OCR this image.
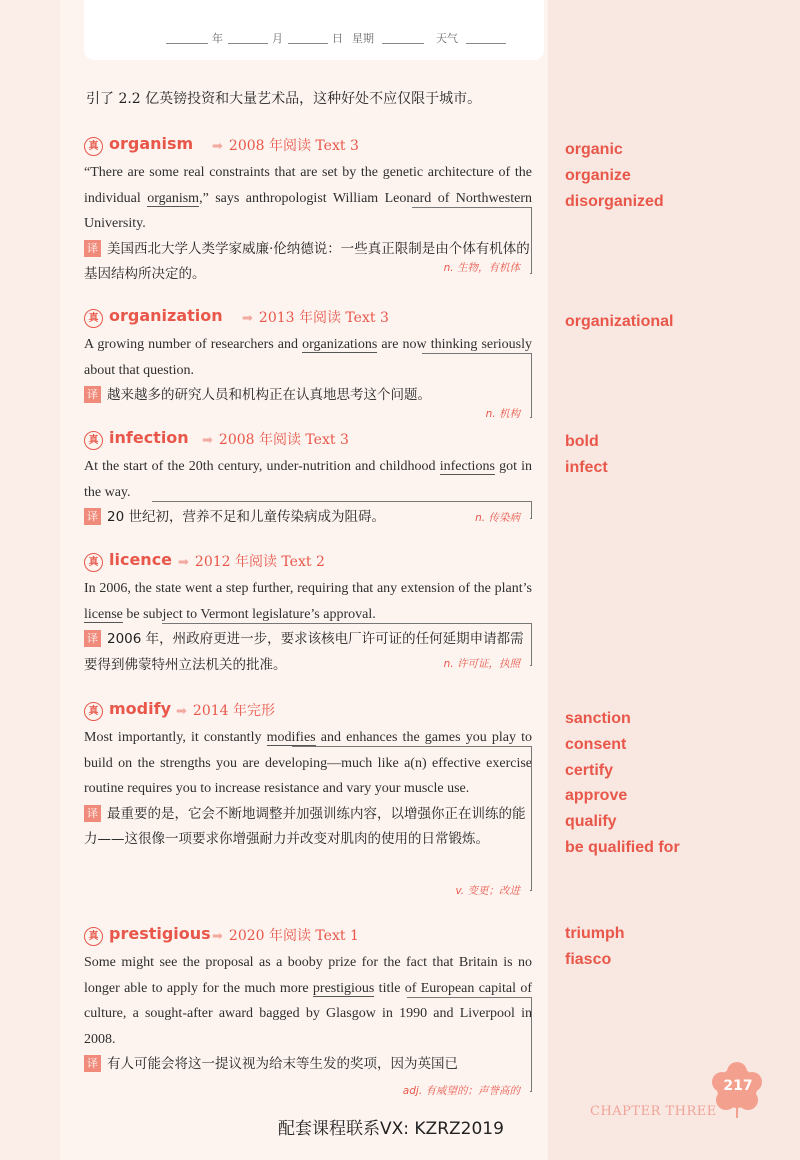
年	月	日 星期	天气
引了 2.2 亿英镑投资和大量艺术品，这种好处不应仅限于城市。
真 organism	➡ 2008 年阅读 Text 3

“There are some real constraints that are set by the genetic architecture of the individual organism,” says anthropologist William Leonard of Northwestern University.

译 美国西北大学人类学家威廉·伦纳德说：一些真正限制是由个体有机体的基因结构所决定的。	n. 生物，有机体
真 organization	➡ 2013 年阅读 Text 3

A growing number of researchers and organizations are now thinking seriously about that question.

译 越来越多的研究人员和机构正在认真地思考这个问题。

n. 机构
真 infection	➡ 2008 年阅读 Text 3

At the start of the 20th century, under-nutrition and childhood infections got in the way.

译 20 世纪初，营养不足和儿童传染病成为阻碍。	n. 传染病
真 licence ➡ 2012 年阅读 Text 2

In 2006, the state went a step further, requiring that any extension of the plant’s license be subject to Vermont legislature’s approval.

译 2006 年，州政府更进一步，要求该核电厂许可证的任何延期申请都需要得到佛蒙特州立法机关的批准。	n. 许可证，执照
真 modify ➡ 2014 年完形

Most importantly, it constantly modifies and enhances the games you play to build on the strengths you are developing—much like a(n) effective exercise routine requires you to increase resistance and vary your muscle use.

译 最重要的是，它会不断地调整并加强训练内容，以增强你正在训练的能力——这很像一项要求你增强耐力并改变对肌肉的使用的日常锻炼。

v. 变更；改进
真 prestigious ➡ 2020 年阅读 Text 1

Some might see the proposal as a booby prize for the fact that Britain is no longer able to apply for the much more prestigious title of European capital of culture, a sought-after award bagged by Glasgow in 1990 and Liverpool in 2008.

译 有人可能会将这一提议视为给末等生发的奖项，因为英国已

adj. 有威望的；声誉高的
organic
organize
disorganized
organizational
bold
infect
sanction
consent
certify
approve
qualify
be qualified for
triumph
fiasco
217
CHAPTER THREE
配套课程联系VX: KZRZ2019
